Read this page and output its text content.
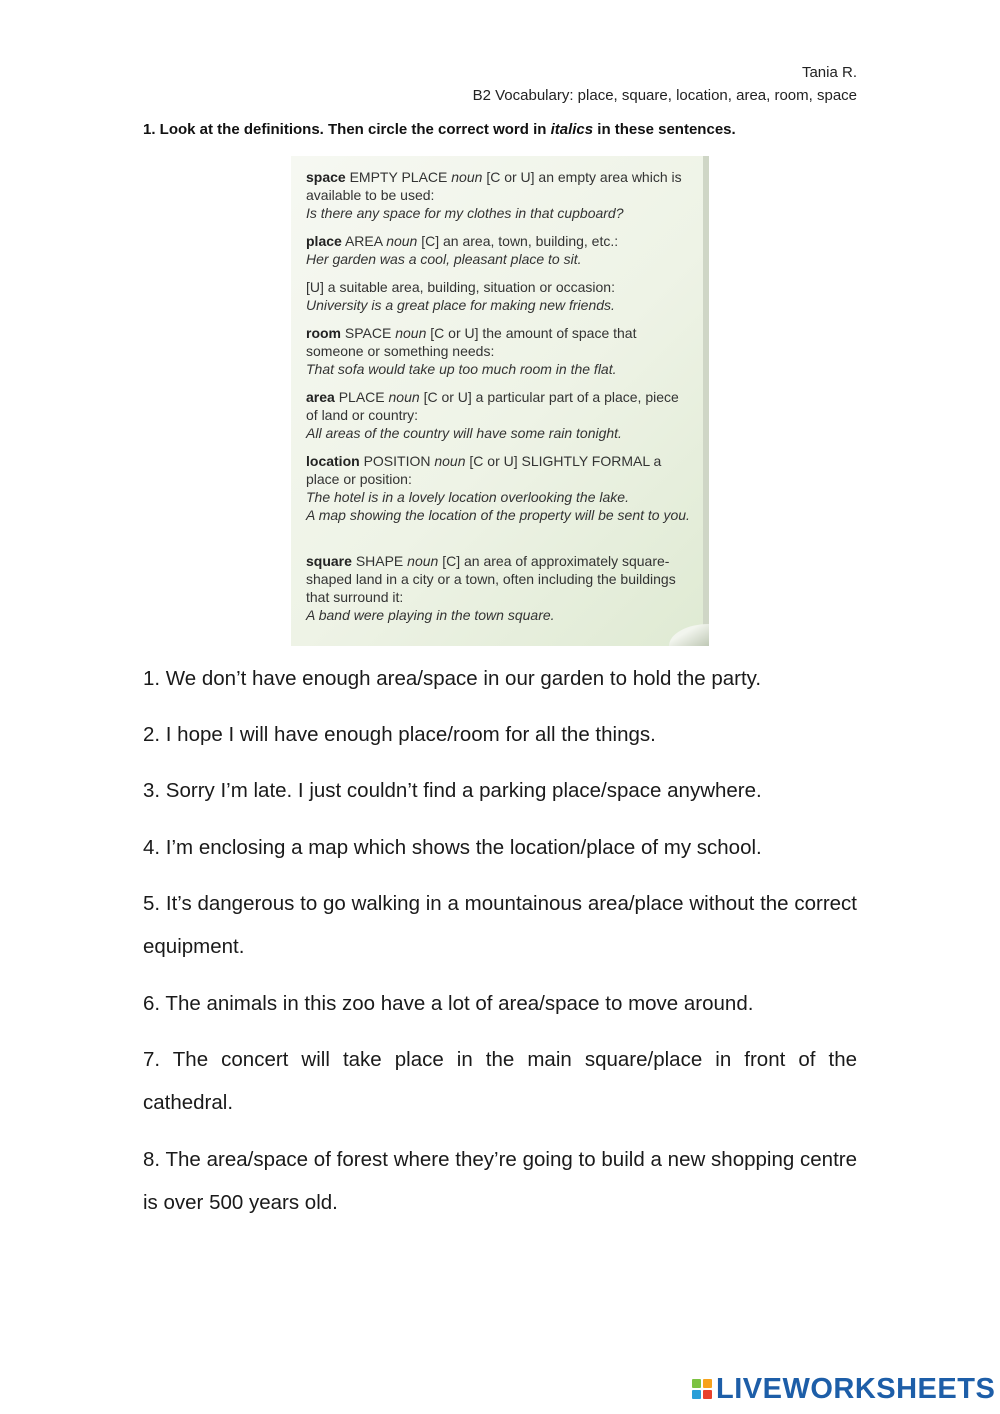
Tania R.
B2 Vocabulary: place, square, location, area, room, space
1. Look at the definitions. Then circle the correct word in italics in these sentences.
space EMPTY PLACE noun [C or U] an empty area which is available to be used:
Is there any space for my clothes in that cupboard?
place AREA noun [C] an area, town, building, etc.:
Her garden was a cool, pleasant place to sit.
[U] a suitable area, building, situation or occasion:
University is a great place for making new friends.
room SPACE noun [C or U] the amount of space that someone or something needs:
That sofa would take up too much room in the flat.
area PLACE noun [C or U] a particular part of a place, piece of land or country:
All areas of the country will have some rain tonight.
location POSITION noun [C or U] SLIGHTLY FORMAL a place or position:
The hotel is in a lovely location overlooking the lake.
A map showing the location of the property will be sent to you.
square SHAPE noun [C] an area of approximately square-shaped land in a city or a town, often including the buildings that surround it:
A band were playing in the town square.
1. We don’t have enough area/space in our garden to hold the party.
2. I hope I will have enough place/room for all the things.
3. Sorry I’m late. I just couldn’t find a parking place/space anywhere.
4. I’m enclosing a map which shows the location/place of my school.
5. It’s dangerous to go walking in a mountainous area/place without the correct equipment.
6. The animals in this zoo have a lot of area/space to move around.
7. The concert will take place in the main square/place in front of the cathedral.
8. The area/space of forest where they’re going to build a new shopping centre is over 500 years old.
LIVEWORKSHEETS
